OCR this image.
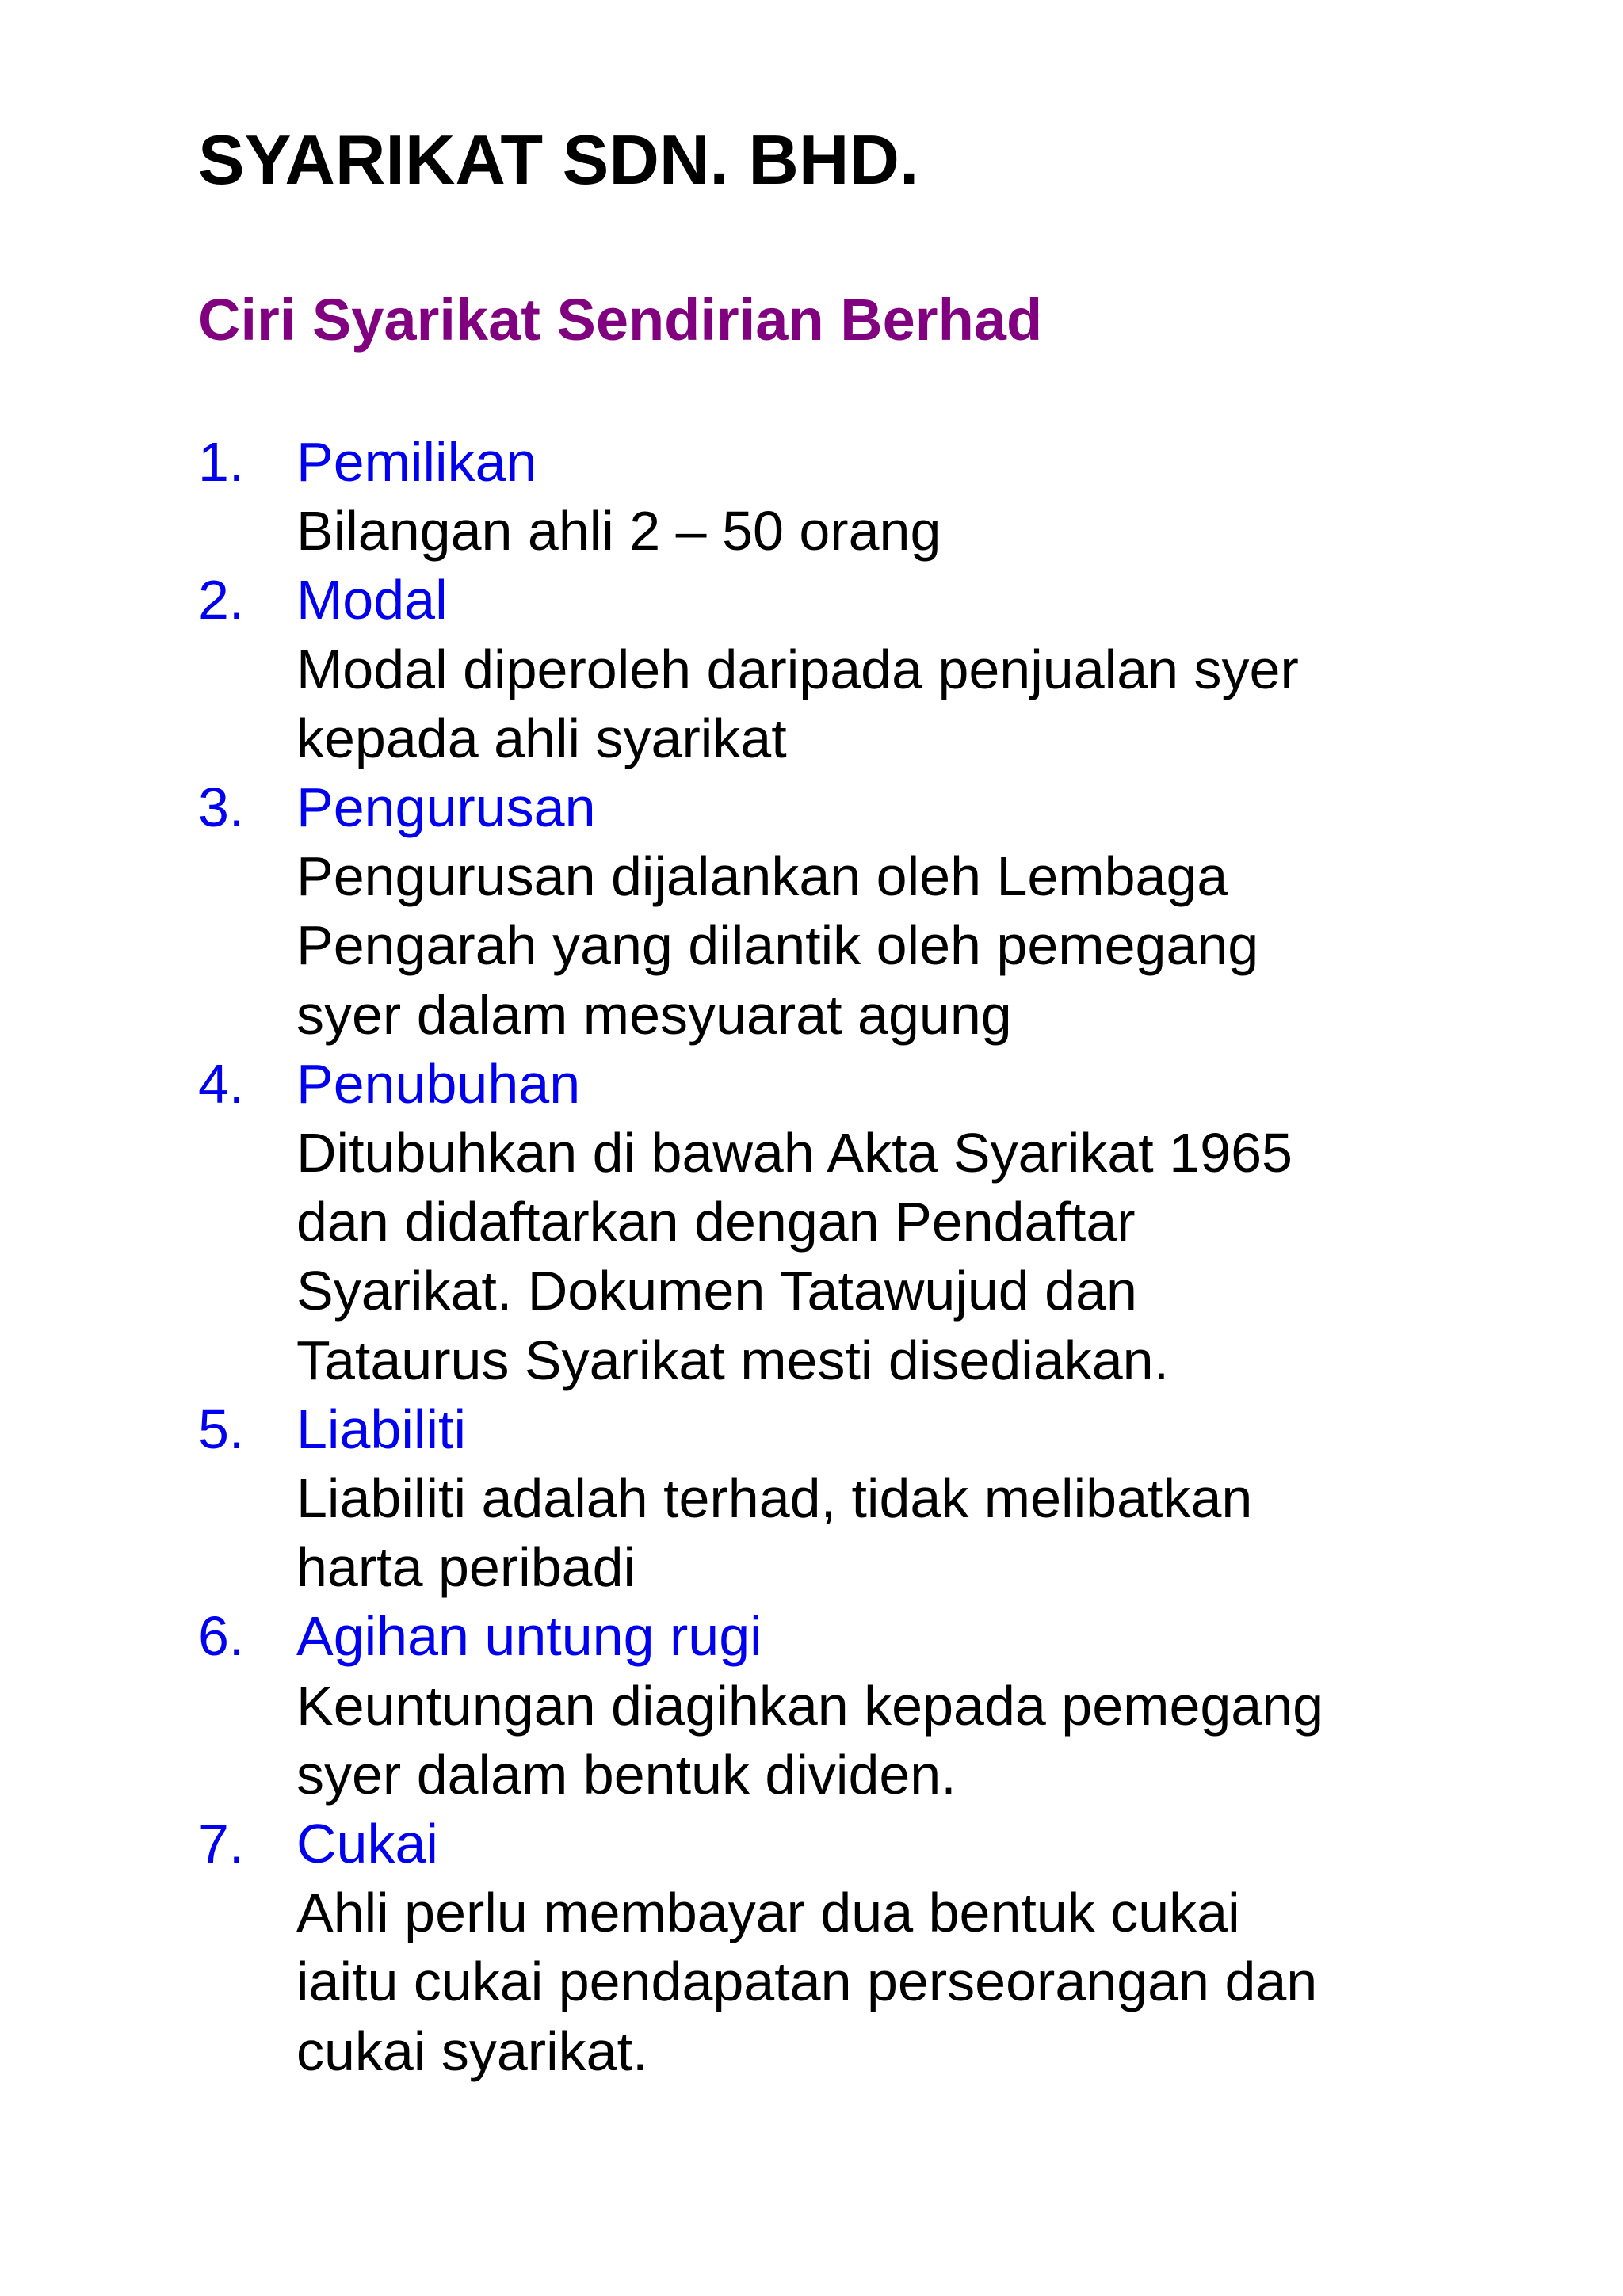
SYARIKAT SDN. BHD.
Ciri Syarikat Sendirian Berhad
1. Pemilikan
Bilangan ahli 2 – 50 orang
2. Modal
Modal diperoleh daripada penjualan syer
kepada ahli syarikat
3. Pengurusan
Pengurusan dijalankan oleh Lembaga
Pengarah yang dilantik oleh pemegang
syer dalam mesyuarat agung
4. Penubuhan
Ditubuhkan di bawah Akta Syarikat 1965
dan didaftarkan dengan Pendaftar
Syarikat. Dokumen Tatawujud dan
Tataurus Syarikat mesti disediakan.
5. Liabiliti
Liabiliti adalah terhad, tidak melibatkan
harta peribadi
6. Agihan untung rugi
Keuntungan diagihkan kepada pemegang
syer dalam bentuk dividen.
7. Cukai
Ahli perlu membayar dua bentuk cukai
iaitu cukai pendapatan perseorangan dan
cukai syarikat.
